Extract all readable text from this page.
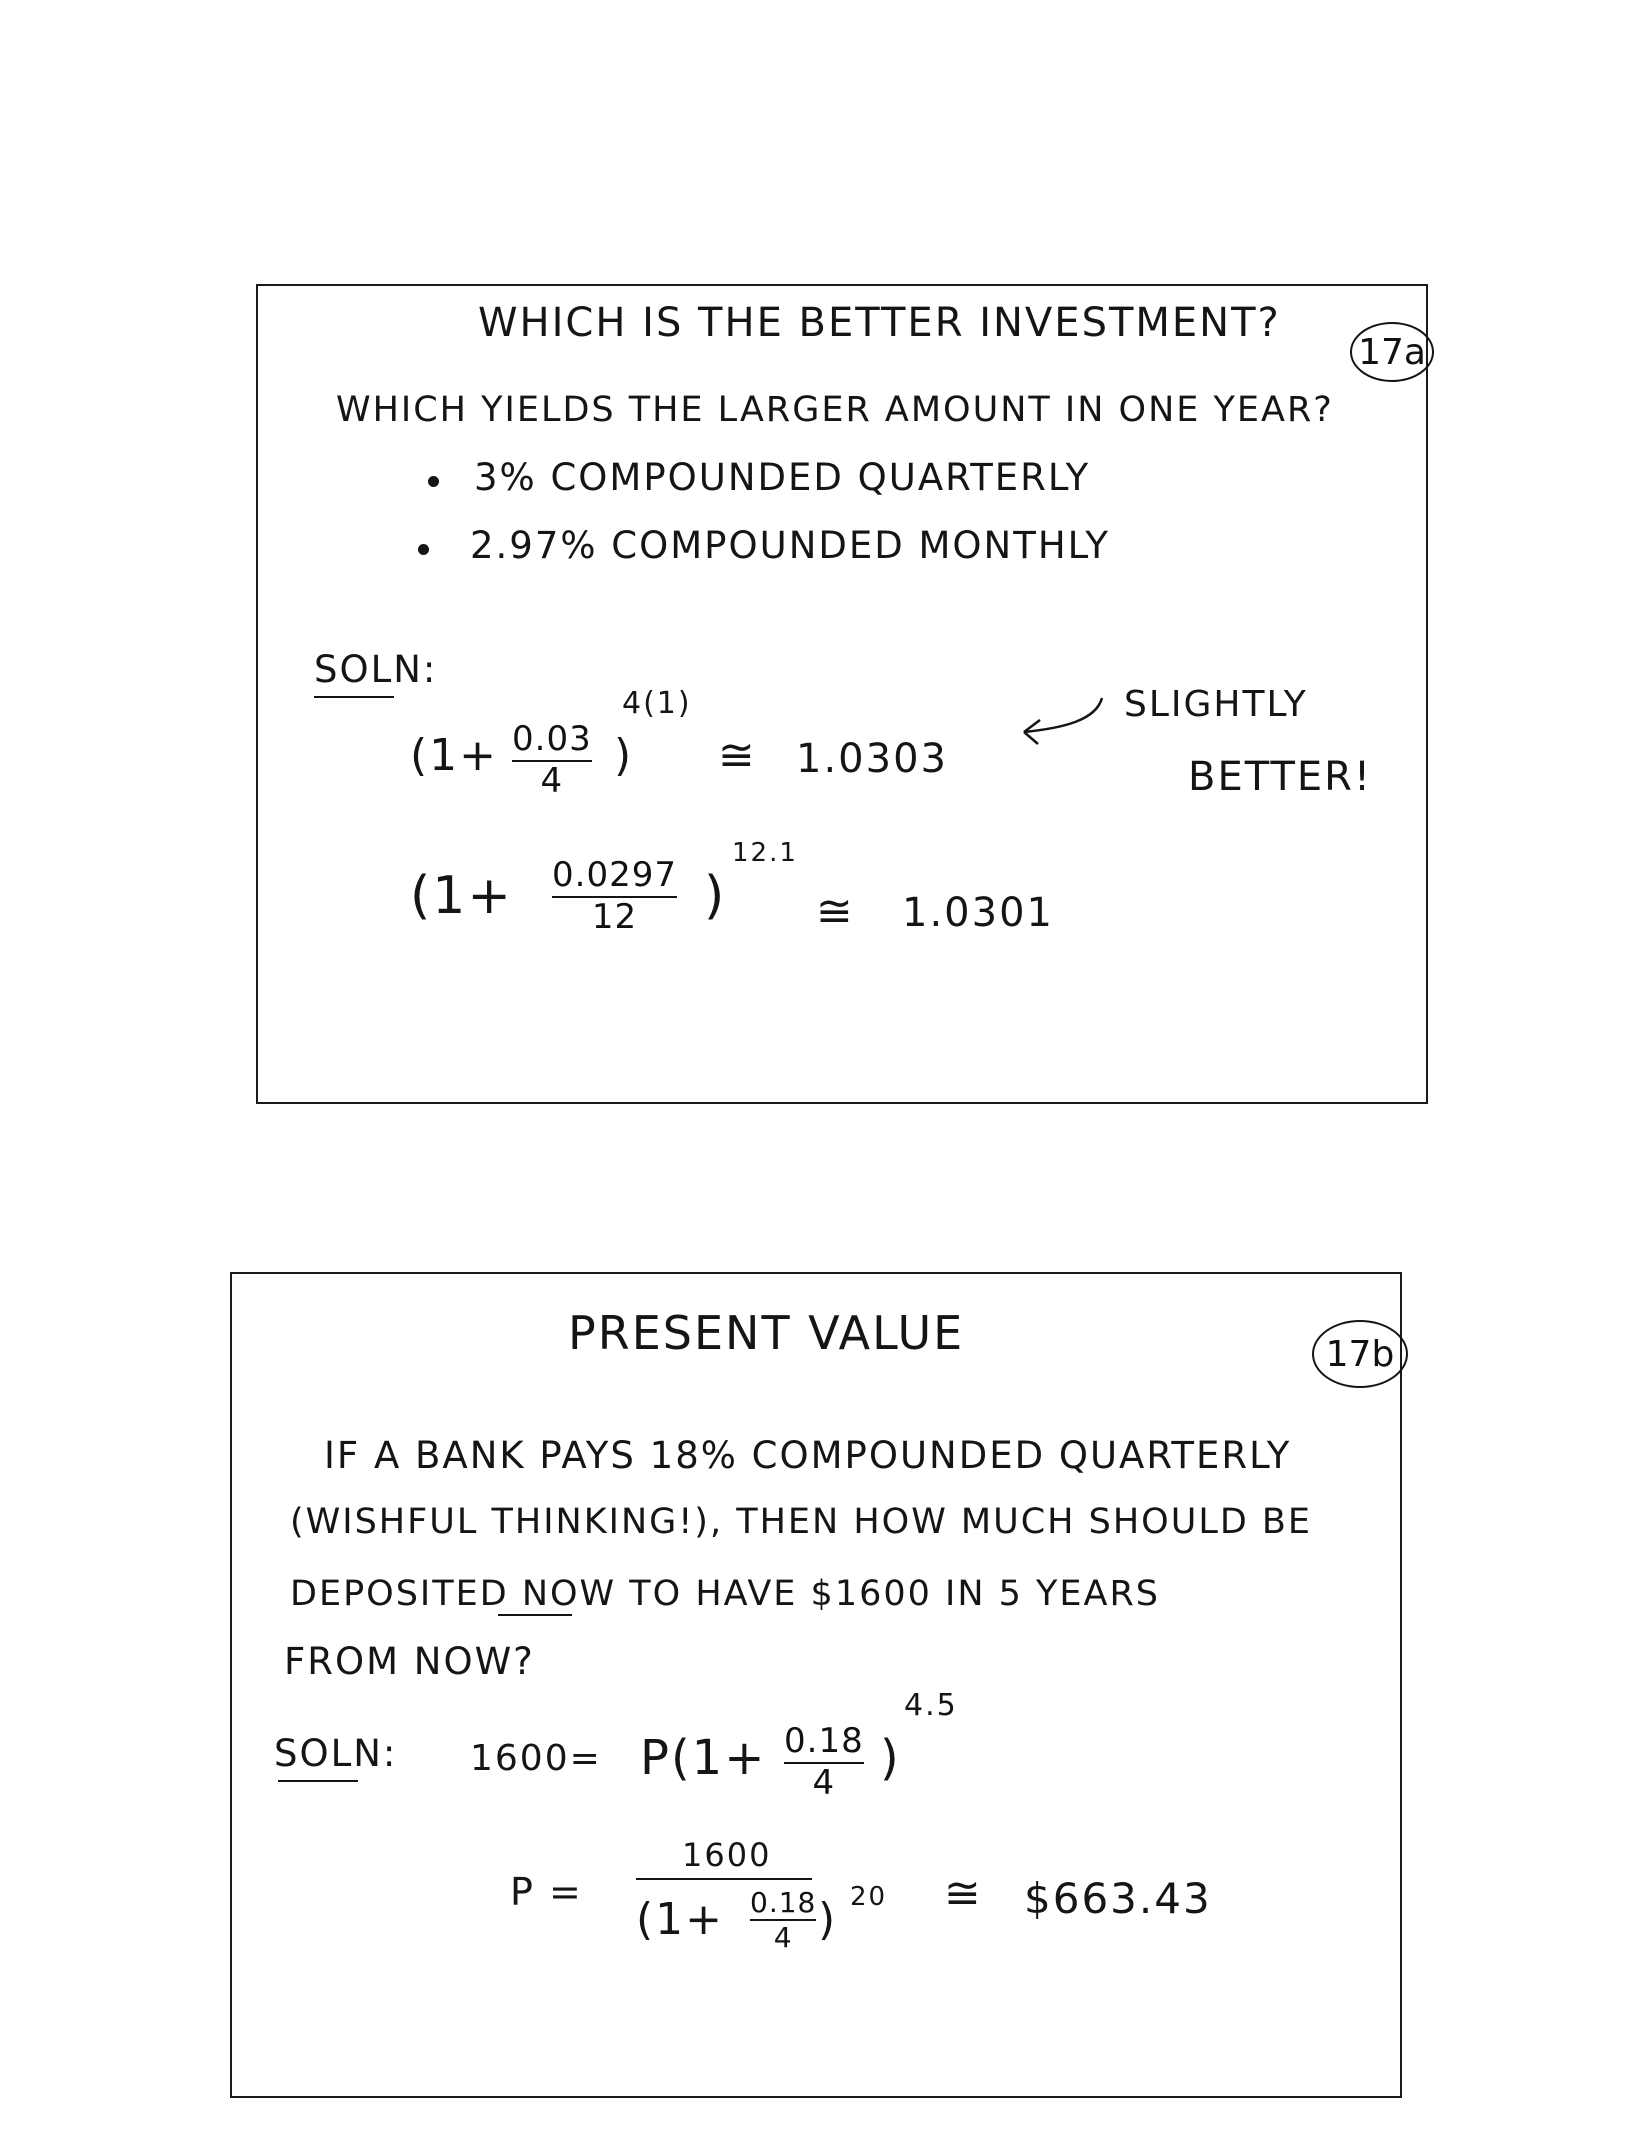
WHICH IS THE BETTER INVESTMENT?
17a
WHICH YIELDS THE LARGER AMOUNT IN ONE YEAR?
3% COMPOUNDED QUARTERLY
2.97% COMPOUNDED MONTHLY
SOLN:
(1+ 0.03
4 )
4(1)
≅ 1.0303
SLIGHTLY
BETTER!
(1+ 0.0297
12 )
12.1
≅ 1.0301
PRESENT VALUE	17b
IF A BANK PAYS 18% COMPOUNDED QUARTERLY
(WISHFUL THINKING!), THEN HOW MUCH SHOULD BE
DEPOSITED NOW TO HAVE $1600 IN 5 YEARS
FROM NOW?
SOLN: 1600= P(1+ 0.18
4 )
4.5
P =
1600
(1+ 0.18
4 ) 20 ≅ $663.43
